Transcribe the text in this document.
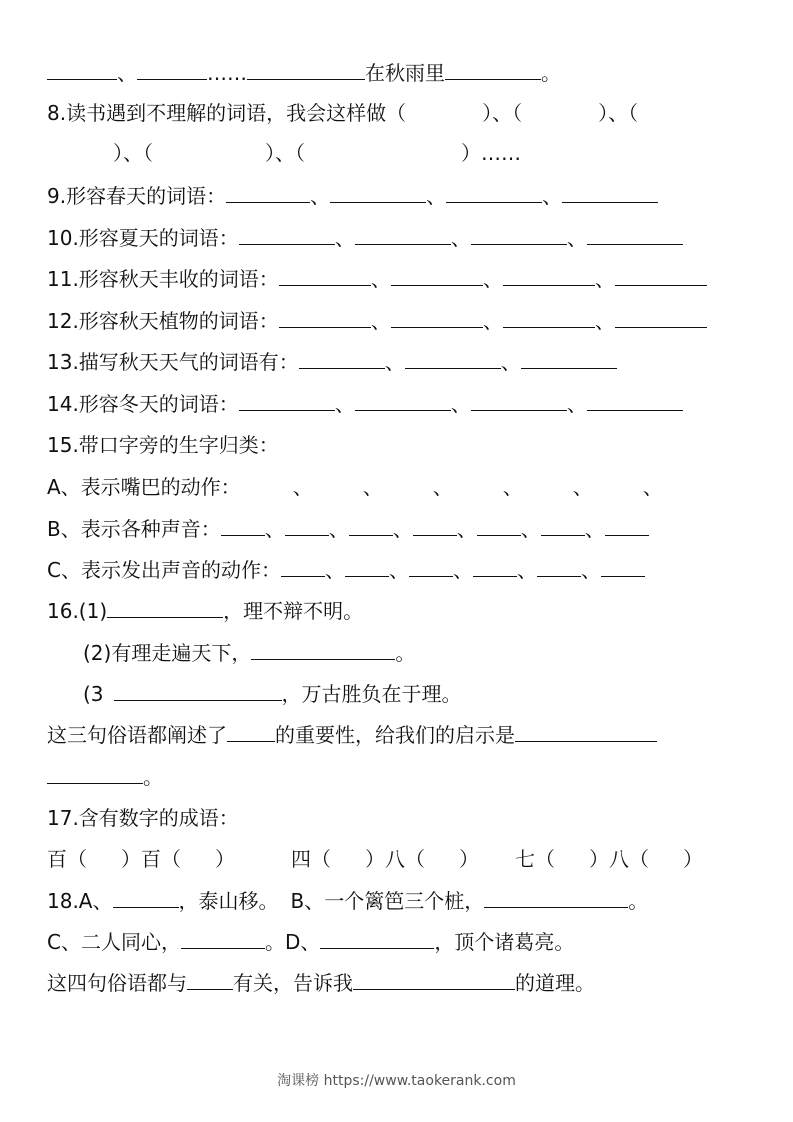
、	……	在秋雨里	。
8.读书遇到不理解的词语，我会这样做（	）、（	）、（
）、（	）、（	）……
9.形容春天的词语：	、	、	、
10.形容夏天的词语：	、	、	、
11.形容秋天丰收的词语：	、	、	、
12.形容秋天植物的词语：	、	、	、
13.描写秋天天气的词语有：	、	、
14.形容冬天的词语：	、	、	、
15.带口字旁的生字归类：
A、表示嘴巴的动作：	、	、	、	、	、	、
B、表示各种声音： 、 、 、 、 、 、
C、表示发出声音的动作： 、 、 、 、 、
16.(1)	，理不辩不明。
(2)有理走遍天下，	。
(3	，万古胜负在于理。
这三句俗语都阐述了 的重要性，给我们的启示是
。
17.含有数字的成语：
百（ ）百（ ）	四（ ）八（ ） 七（ ）八（ ）
18.A、	，泰山移。 B、一个篱笆三个桩，	。
C、二人同心，	。D、	，顶个诸葛亮。
这四句俗语都与 有关，告诉我	的道理。
淘课榜 https://www.taokerank.com
